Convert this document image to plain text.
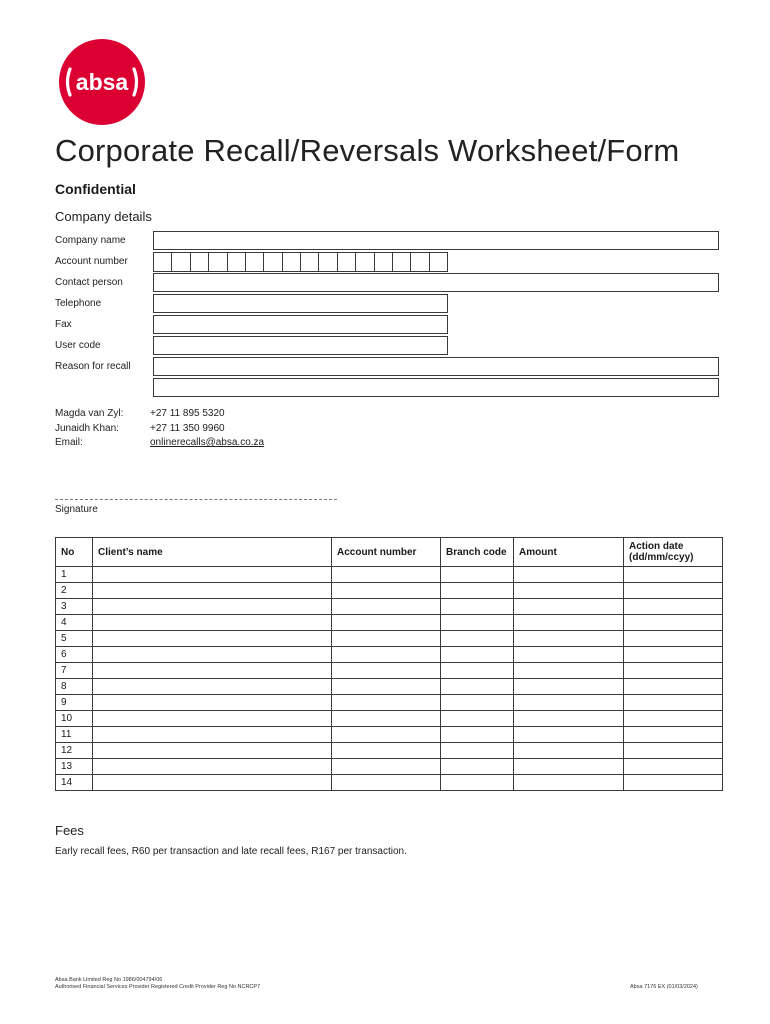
absa
Corporate Recall/Reversals Worksheet/Form
Confidential
Company details
Company name
Account number
Contact person
Telephone
Fax
User code
Reason for recall
Magda van Zyl:	+27 11 895 5320
Junaidh Khan:	+27 11 350 9960
Email:	onlinerecalls@absa.co.za
Signature
No	Client’s name	Account number	Branch code	Amount	Action date (dd/mm/ccyy)
1					
2					
3					
4					
5					
6					
7					
8					
9					
10					
11					
12					
13					
14					
Fees
Early recall fees, R60 per transaction and late recall fees, R167 per transaction.
Absa Bank Limited Reg No 1986/004794/06
Authorised Financial Services Provider Registered Credit Provider Reg No NCRCP7	Absa 7176 EX (01/03/2024)
